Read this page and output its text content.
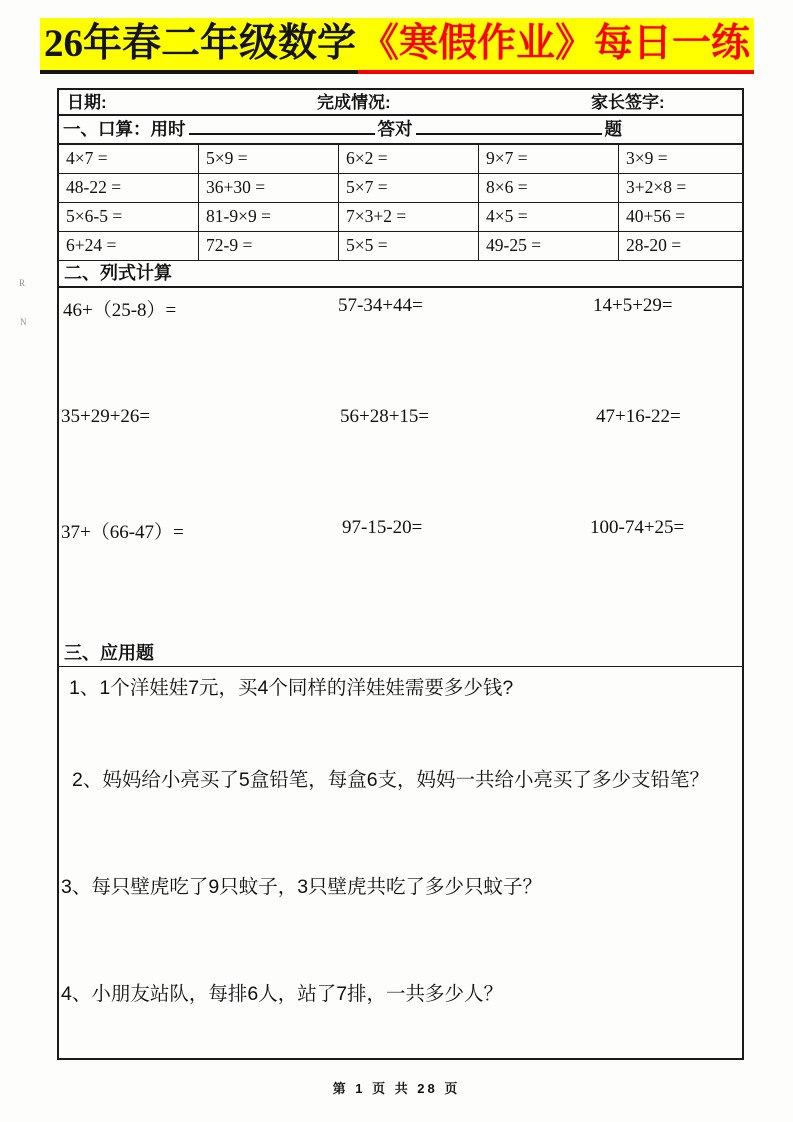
26年春二年级数学 《寒假作业》每日一练
R
N
日期:	完成情况:	家长签字:
一、口算：用时	答对	题
4×7 =	5×9 =	6×2 =	9×7 =	3×9 =
48-22 =	36+30 =	5×7 =	8×6 =	3+2×8 =
5×6-5 =	81-9×9 =	7×3+2 =	4×5 =	40+56 =
6+24 =	72-9 =	5×5 =	49-25 =	28-20 =
二、列式计算
46+（25-8）=	57-34+44=	14+5+29=
35+29+26=	56+28+15=	47+16-22=
37+（66-47）=	97-15-20=	100-74+25=
三、应用题
1、1个洋娃娃7元，买4个同样的洋娃娃需要多少钱?
2、妈妈给小亮买了5盒铅笔，每盒6支，妈妈一共给小亮买了多少支铅笔？
3、每只壁虎吃了9只蚊子，3只壁虎共吃了多少只蚊子？
4、小朋友站队，每排6人，站了7排，一共多少人？
第 1 页 共 28 页
